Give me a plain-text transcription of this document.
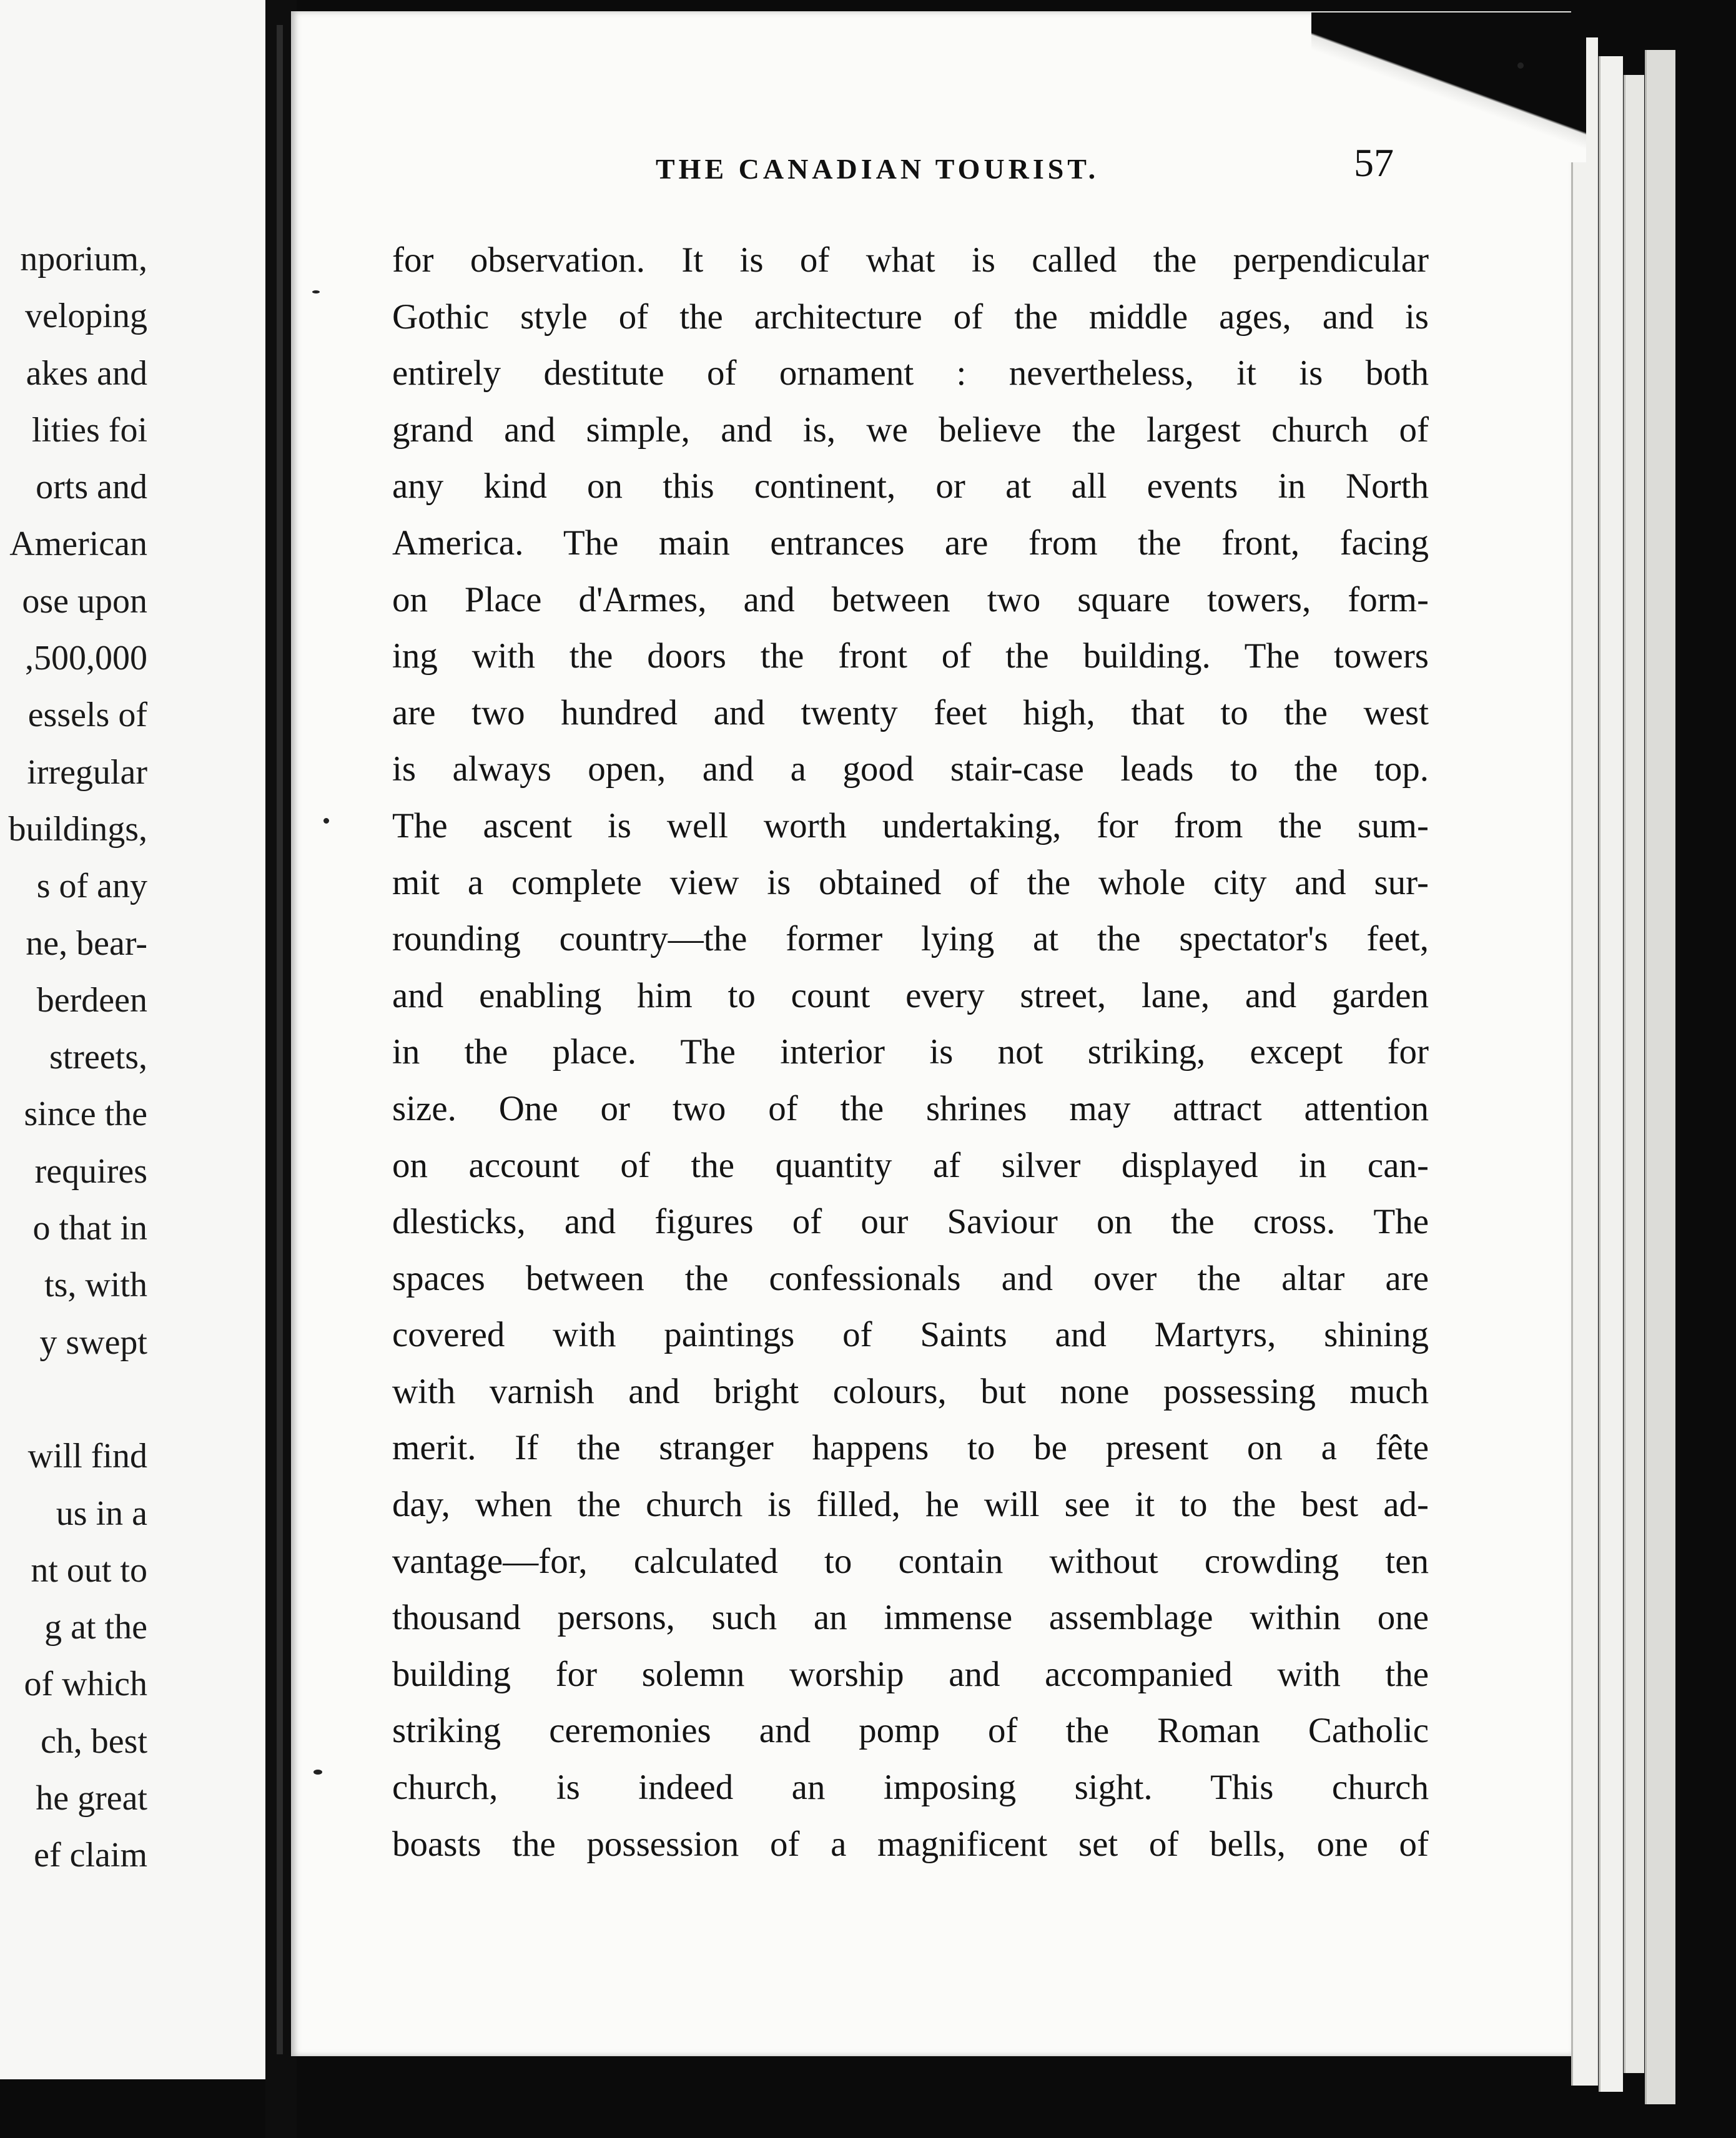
nporium,
veloping
akes and
lities foi
orts and
American
ose upon
,500,000
essels of
irregular
buildings,
s of any
ne, bear-
berdeen
streets,
since the
requires
o that in
ts, with
y swept
will find
us in a
nt out to
g at the
of which
ch, best
he great
ef claim
THE CANADIAN TOURIST.	57
for observation. It is of what is called the perpendicular
Gothic style of the architecture of the middle ages, and is
entirely destitute of ornament : nevertheless, it is both
grand and simple, and is, we believe the largest church of
any kind on this continent, or at all events in North
America. The main entrances are from the front, facing
on Place d'Armes, and between two square towers, form-
ing with the doors the front of the building. The towers
are two hundred and twenty feet high, that to the west
is always open, and a good stair-case leads to the top.
The ascent is well worth undertaking, for from the sum-
mit a complete view is obtained of the whole city and sur-
rounding country—the former lying at the spectator's feet,
and enabling him to count every street, lane, and garden
in the place. The interior is not striking, except for
size. One or two of the shrines may attract attention
on account of the quantity af silver displayed in can-
dlesticks, and figures of our Saviour on the cross. The
spaces between the confessionals and over the altar are
covered with paintings of Saints and Martyrs, shining
with varnish and bright colours, but none possessing much
merit. If the stranger happens to be present on a fête
day, when the church is filled, he will see it to the best ad-
vantage—for, calculated to contain without crowding ten
thousand persons, such an immense assemblage within one
building for solemn worship and accompanied with the
striking ceremonies and pomp of the Roman Catholic
church, is indeed an imposing sight. This church
boasts the possession of a magnificent set of bells, one of
